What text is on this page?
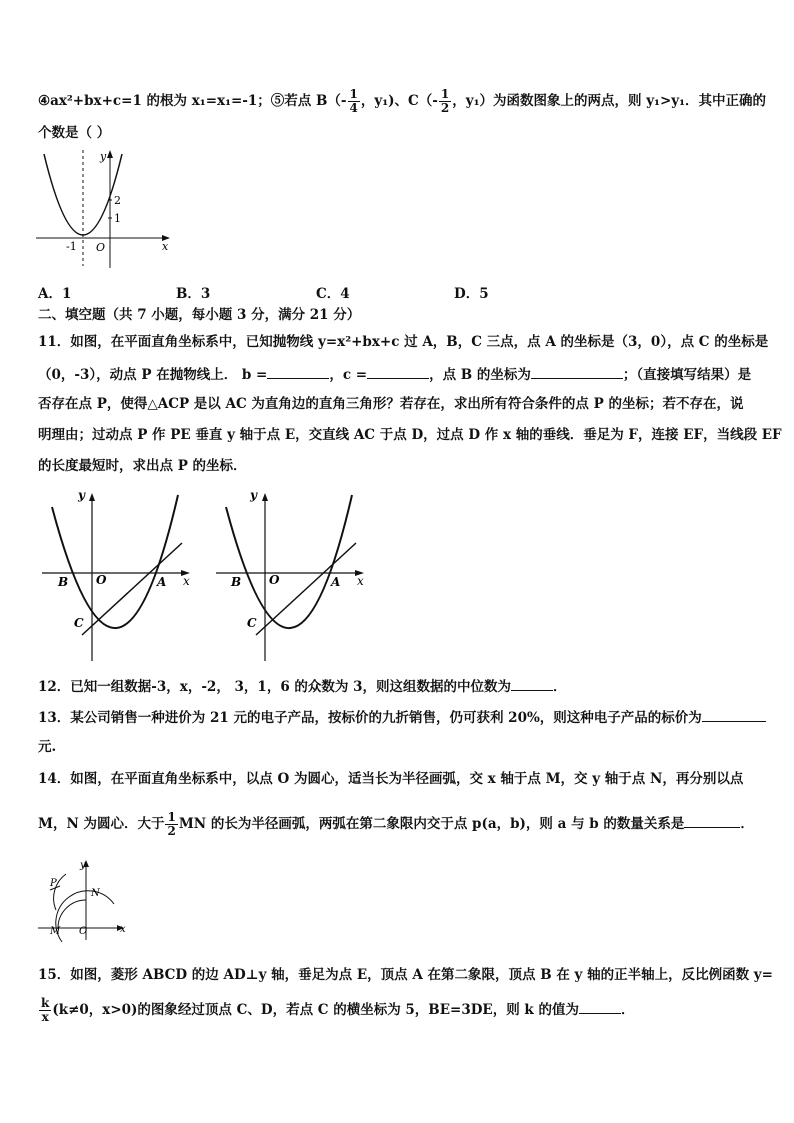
④ax²+bx+c=1 的根为 x₁=x₁=-1；⑤若点 $B(- \frac{1}{4}$ ，y₁)、$C(- \frac{1}{2}$ ，y₁）为函数图象上的两点，则 y₁>y₁．其中正确的
个数是（ ）
y
x
O
2
1
-1
A．1	B．3	C．4	D．5
二、填空题（共 7 小题，每小题 3 分，满分 21 分）
11．如图，在平面直角坐标系中，已知抛物线 y=x²+bx+c 过 A，B，C 三点，点 A 的坐标是（3，0），点 C 的坐标是
（0，-3），动点 P 在抛物线上． b =	，c =	，点 B 的坐标为	；（直接填写结果）是
否存在点 P，使得△ACP 是以 AC 为直角边的直角三角形？若存在，求出所有符合条件的点 P 的坐标；若不存在，说
明理由；过动点 P 作 PE 垂直 y 轴于点 E，交直线 AC 于点 D，过点 D 作 x 轴的垂线．垂足为 F，连接 EF，当线段 EF
的长度最短时，求出点 P 的坐标．
y
x
B O	A
C
y
x
B O	A
C
12．已知一组数据-3，x，-2， 3，1，6 的众数为 3，则这组数据的中位数为	．
13．某公司销售一种进价为 21 元的电子产品，按标价的九折销售，仍可获利 20%，则这种电子产品的标价为
元.
14．如图，在平面直角坐标系中，以点 O 为圆心，适当长为半径画弧，交 x 轴于点 M，交 y 轴于点 N，再分别以点
M，N 为圆心．大于 $\frac{1}{2}$ MN 的长为半径画弧，两弧在第二象限内交于点 p(a，b)，则 a 与 b 的数量关系是	．
y
x
P
N
M O
15．如图，菱形 ABCD 的边 AD⊥y 轴，垂足为点 E，顶点 A 在第二象限，顶点 B 在 y 轴的正半轴上，反比例函数 y=
$\frac{k}{x} (k\ne 0$，x>0)的图象经过顶点 C、D，若点 C 的横坐标为 5，BE=3DE，则 k 的值为	．
